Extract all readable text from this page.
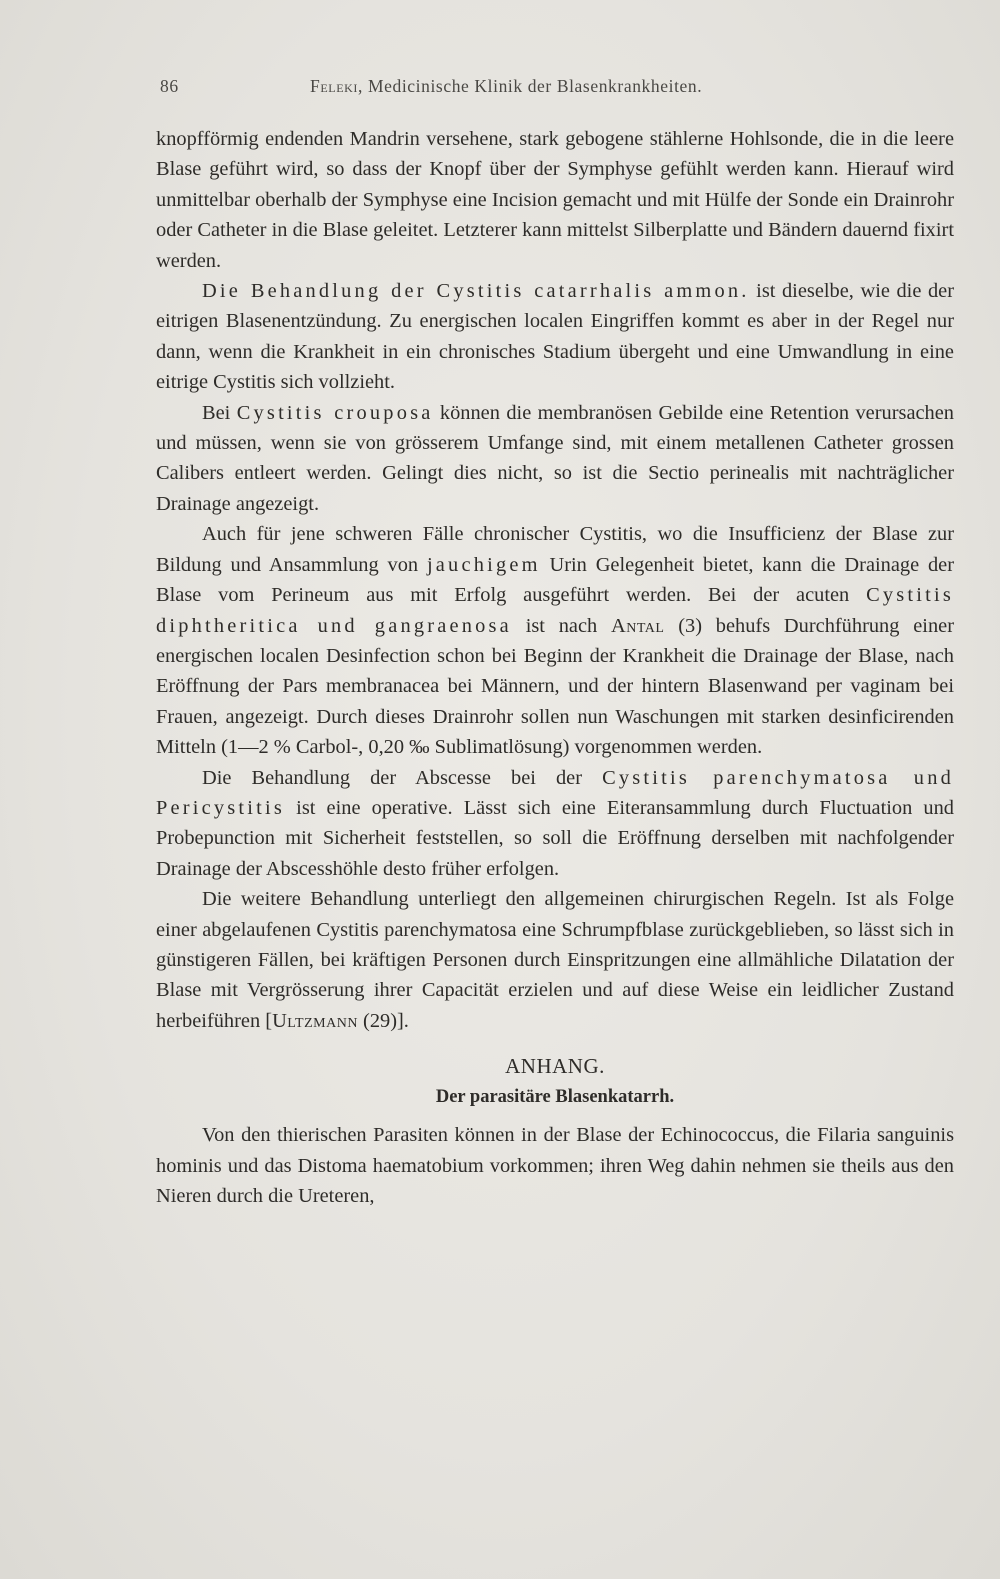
86	Feleki, Medicinische Klinik der Blasenkrankheiten.

knopfförmig endenden Mandrin versehene, stark gebogene stählerne Hohlsonde, die in die leere Blase geführt wird, so dass der Knopf über der Symphyse gefühlt werden kann. Hierauf wird unmittelbar oberhalb der Symphyse eine Incision gemacht und mit Hülfe der Sonde ein Drainrohr oder Catheter in die Blase geleitet. Letzterer kann mittelst Silberplatte und Bändern dauernd fixirt werden.

Die Behandlung der Cystitis catarrhalis ammon. ist dieselbe, wie die der eitrigen Blasenentzündung. Zu energischen localen Eingriffen kommt es aber in der Regel nur dann, wenn die Krankheit in ein chronisches Stadium übergeht und eine Umwandlung in eine eitrige Cystitis sich vollzieht.

Bei Cystitis crouposa können die membranösen Gebilde eine Retention verursachen und müssen, wenn sie von grösserem Umfange sind, mit einem metallenen Catheter grossen Calibers entleert werden. Gelingt dies nicht, so ist die Sectio perinealis mit nachträglicher Drainage angezeigt.

Auch für jene schweren Fälle chronischer Cystitis, wo die Insufficienz der Blase zur Bildung und Ansammlung von jauchigem Urin Gelegenheit bietet, kann die Drainage der Blase vom Perineum aus mit Erfolg ausgeführt werden. Bei der acuten Cystitis diphtheritica und gangraenosa ist nach Antal (3) behufs Durchführung einer energischen localen Desinfection schon bei Beginn der Krankheit die Drainage der Blase, nach Eröffnung der Pars membranacea bei Männern, und der hintern Blasenwand per vaginam bei Frauen, angezeigt. Durch dieses Drainrohr sollen nun Waschungen mit starken desinficirenden Mitteln (1—2 % Carbol-, 0,20 ‰ Sublimatlösung) vorgenommen werden.

Die Behandlung der Abscesse bei der Cystitis parenchymatosa und Pericystitis ist eine operative. Lässt sich eine Eiteransammlung durch Fluctuation und Probepunction mit Sicherheit feststellen, so soll die Eröffnung derselben mit nachfolgender Drainage der Abscesshöhle desto früher erfolgen.

Die weitere Behandlung unterliegt den allgemeinen chirurgischen Regeln. Ist als Folge einer abgelaufenen Cystitis parenchymatosa eine Schrumpfblase zurückgeblieben, so lässt sich in günstigeren Fällen, bei kräftigen Personen durch Einspritzungen eine allmähliche Dilatation der Blase mit Vergrösserung ihrer Capacität erzielen und auf diese Weise ein leidlicher Zustand herbeiführen [Ultzmann (29)].

ANHANG.

Der parasitäre Blasenkatarrh.

Von den thierischen Parasiten können in der Blase der Echinococcus, die Filaria sanguinis hominis und das Distoma haematobium vorkommen; ihren Weg dahin nehmen sie theils aus den Nieren durch die Ureteren,
